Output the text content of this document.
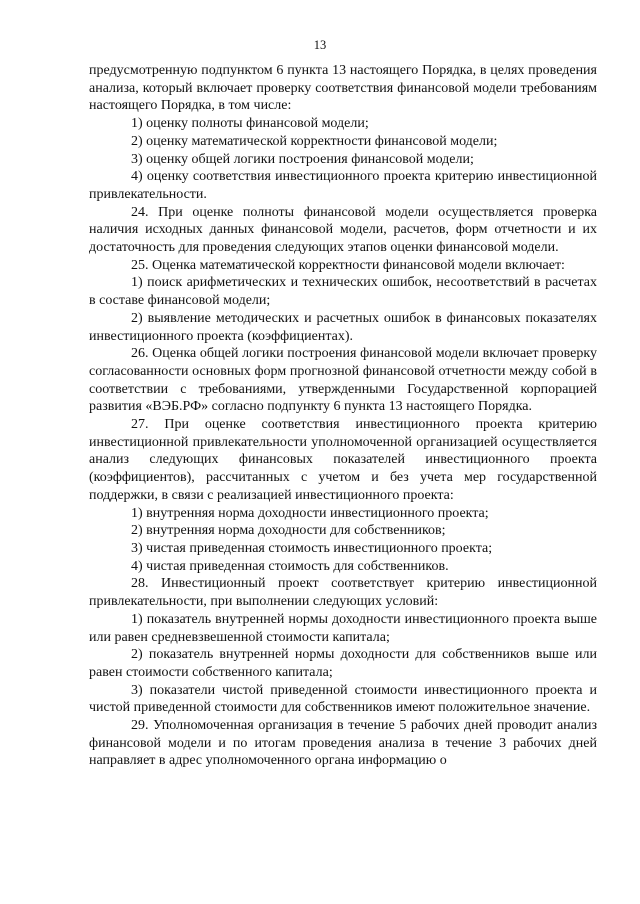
13

предусмотренную подпунктом 6 пункта 13 настоящего Порядка, в целях проведения анализа, который включает проверку соответствия финансовой модели требованиям настоящего Порядка, в том числе:

1) оценку полноты финансовой модели;

2) оценку математической корректности финансовой модели;

3) оценку общей логики построения финансовой модели;

4) оценку соответствия инвестиционного проекта критерию инвестиционной привлекательности.

24. При оценке полноты финансовой модели осуществляется проверка наличия исходных данных финансовой модели, расчетов, форм отчетности и их достаточность для проведения следующих этапов оценки финансовой модели.

25. Оценка математической корректности финансовой модели включает:

1) поиск арифметических и технических ошибок, несоответствий в расчетах в составе финансовой модели;

2) выявление методических и расчетных ошибок в финансовых показателях инвестиционного проекта (коэффициентах).

26. Оценка общей логики построения финансовой модели включает проверку согласованности основных форм прогнозной финансовой отчетности между собой в соответствии с требованиями, утвержденными Государственной корпорацией развития «ВЭБ.РФ» согласно подпункту 6 пункта 13 настоящего Порядка.

27. При оценке соответствия инвестиционного проекта критерию инвестиционной привлекательности уполномоченной организацией осуществляется анализ следующих финансовых показателей инвестиционного проекта (коэффициентов), рассчитанных с учетом и без учета мер государственной поддержки, в связи с реализацией инвестиционного проекта:

1) внутренняя норма доходности инвестиционного проекта;

2) внутренняя норма доходности для собственников;

3) чистая приведенная стоимость инвестиционного проекта;

4) чистая приведенная стоимость для собственников.

28. Инвестиционный проект соответствует критерию инвестиционной привлекательности, при выполнении следующих условий:

1) показатель внутренней нормы доходности инвестиционного проекта выше или равен средневзвешенной стоимости капитала;

2) показатель внутренней нормы доходности для собственников выше или равен стоимости собственного капитала;

3) показатели чистой приведенной стоимости инвестиционного проекта и чистой приведенной стоимости для собственников имеют положительное значение.

29. Уполномоченная организация в течение 5 рабочих дней проводит анализ финансовой модели и по итогам проведения анализа в течение 3 рабочих дней направляет в адрес уполномоченного органа информацию о
